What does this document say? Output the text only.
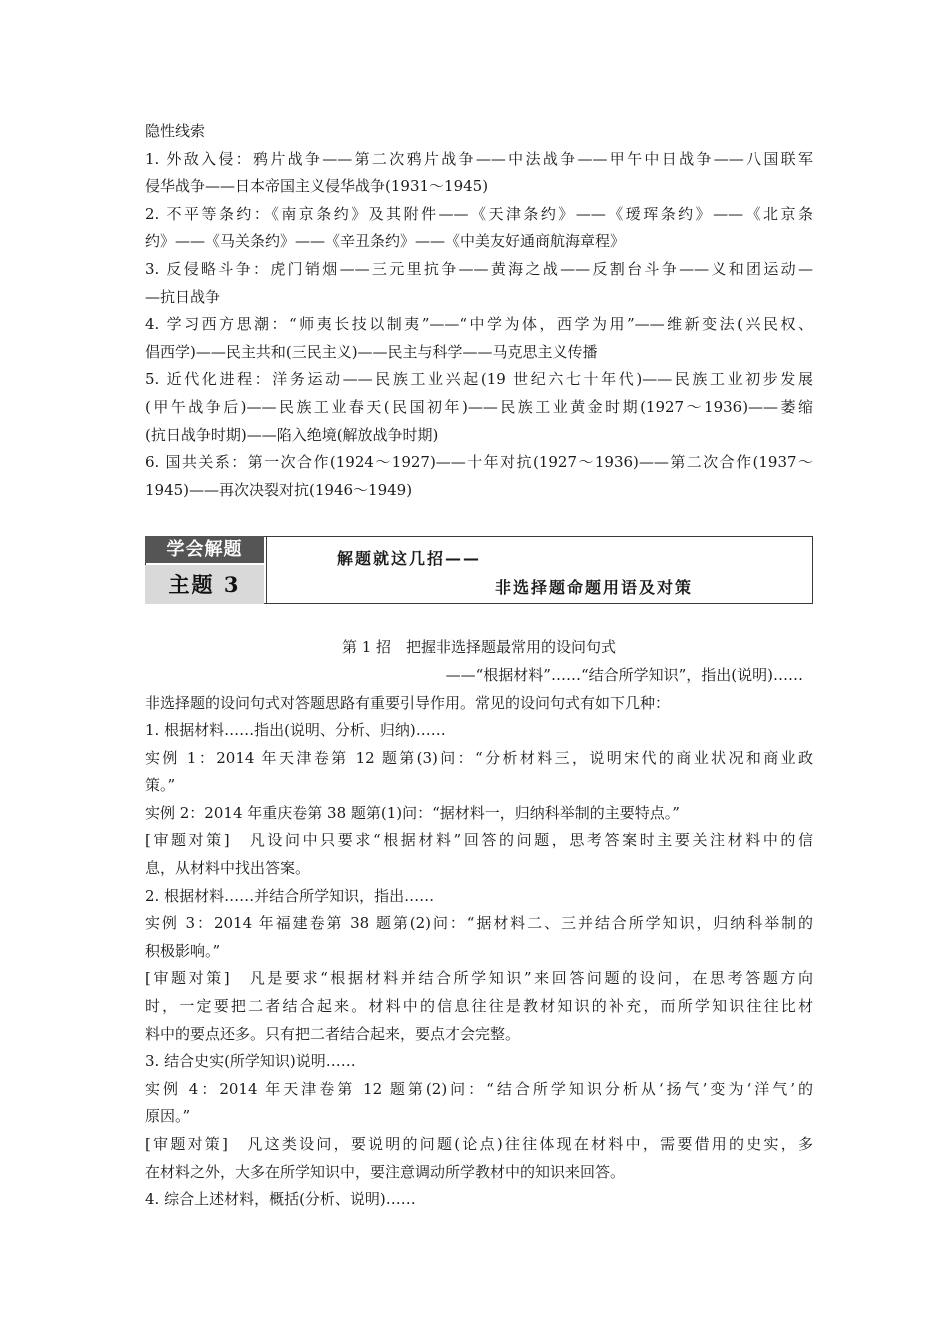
隐性线索
1. 外敌入侵：鸦片战争——第二次鸦片战争——中法战争——甲午中日战争——八国联军
侵华战争——日本帝国主义侵华战争(1931～1945)
2. 不平等条约：《南京条约》及其附件——《天津条约》——《瑷珲条约》——《北京条
约》——《马关条约》——《辛丑条约》——《中美友好通商航海章程》
3. 反侵略斗争：虎门销烟——三元里抗争——黄海之战——反割台斗争——义和团运动—
—抗日战争
4. 学习西方思潮：“师夷长技以制夷”——“中学为体，西学为用”——维新变法(兴民权、
倡西学)——民主共和(三民主义)——民主与科学——马克思主义传播
5. 近代化进程：洋务运动——民族工业兴起(19 世纪六七十年代)——民族工业初步发展
(甲午战争后)——民族工业春天(民国初年)——民族工业黄金时期(1927～1936)——萎缩
(抗日战争时期)——陷入绝境(解放战争时期)
6. 国共关系：第一次合作(1924～1927)——十年对抗(1927～1936)——第二次合作(1937～
1945)——再次决裂对抗(1946～1949)
学会解题
主题 3
解题就这几招——
非选择题命题用语及对策
第 1 招　把握非选择题最常用的设问句式
——“根据材料”……“结合所学知识”，指出(说明)……
非选择题的设问句式对答题思路有重要引导作用。常见的设问句式有如下几种：
1. 根据材料……指出(说明、分析、归纳)……
实例 1：2014 年天津卷第 12 题第(3)问：“分析材料三，说明宋代的商业状况和商业政
策。”
实例 2：2014 年重庆卷第 38 题第(1)问：“据材料一，归纳科举制的主要特点。”
[审题对策]　凡设问中只要求“根据材料”回答的问题，思考答案时主要关注材料中的信
息，从材料中找出答案。
2. 根据材料……并结合所学知识，指出……
实例 3：2014 年福建卷第 38 题第(2)问：“据材料二、三并结合所学知识，归纳科举制的
积极影响。”
[审题对策]　凡是要求“根据材料并结合所学知识”来回答问题的设问，在思考答题方向
时，一定要把二者结合起来。材料中的信息往往是教材知识的补充，而所学知识往往比材
料中的要点还多。只有把二者结合起来，要点才会完整。
3. 结合史实(所学知识)说明……
实例 4：2014 年天津卷第 12 题第(2)问：“结合所学知识分析从‘扬气’变为‘洋气’的
原因。”
[审题对策]　凡这类设问，要说明的问题(论点)往往体现在材料中，需要借用的史实，多
在材料之外，大多在所学知识中，要注意调动所学教材中的知识来回答。
4. 综合上述材料，概括(分析、说明)……
